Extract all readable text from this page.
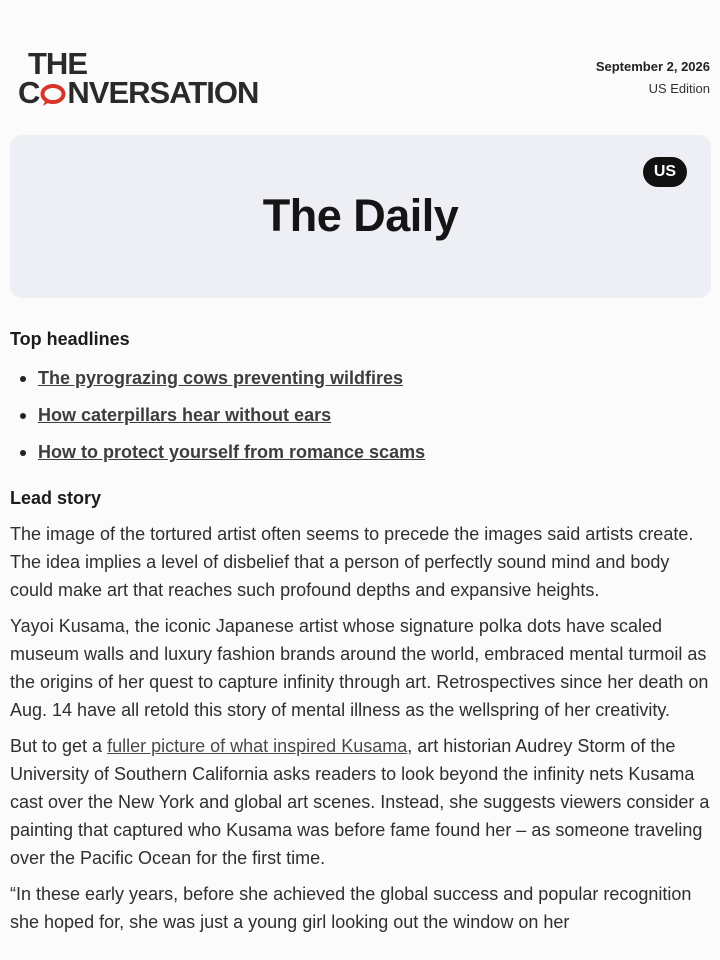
THE
C NVERSATION
September 2, 2026
US Edition
The Daily
US
Top headlines
The pyrograzing cows preventing wildfires
How caterpillars hear without ears
How to protect yourself from romance scams
Lead story

The image of the tortured artist often seems to precede the images said artists create. The idea implies a level of disbelief that a person of perfectly sound mind and body could make art that reaches such profound depths and expansive heights.

Yayoi Kusama, the iconic Japanese artist whose signature polka dots have scaled museum walls and luxury fashion brands around the world, embraced mental turmoil as the origins of her quest to capture infinity through art. Retrospectives since her death on Aug. 14 have all retold this story of mental illness as the wellspring of her creativity.

But to get a fuller picture of what inspired Kusama, art historian Audrey Storm of the University of Southern California asks readers to look beyond the infinity nets Kusama cast over the New York and global art scenes. Instead, she suggests viewers consider a painting that captured who Kusama was before fame found her – as someone traveling over the Pacific Ocean for the first time.

“In these early years, before she achieved the global success and popular recognition she hoped for, she was just a young girl looking out the window on her
